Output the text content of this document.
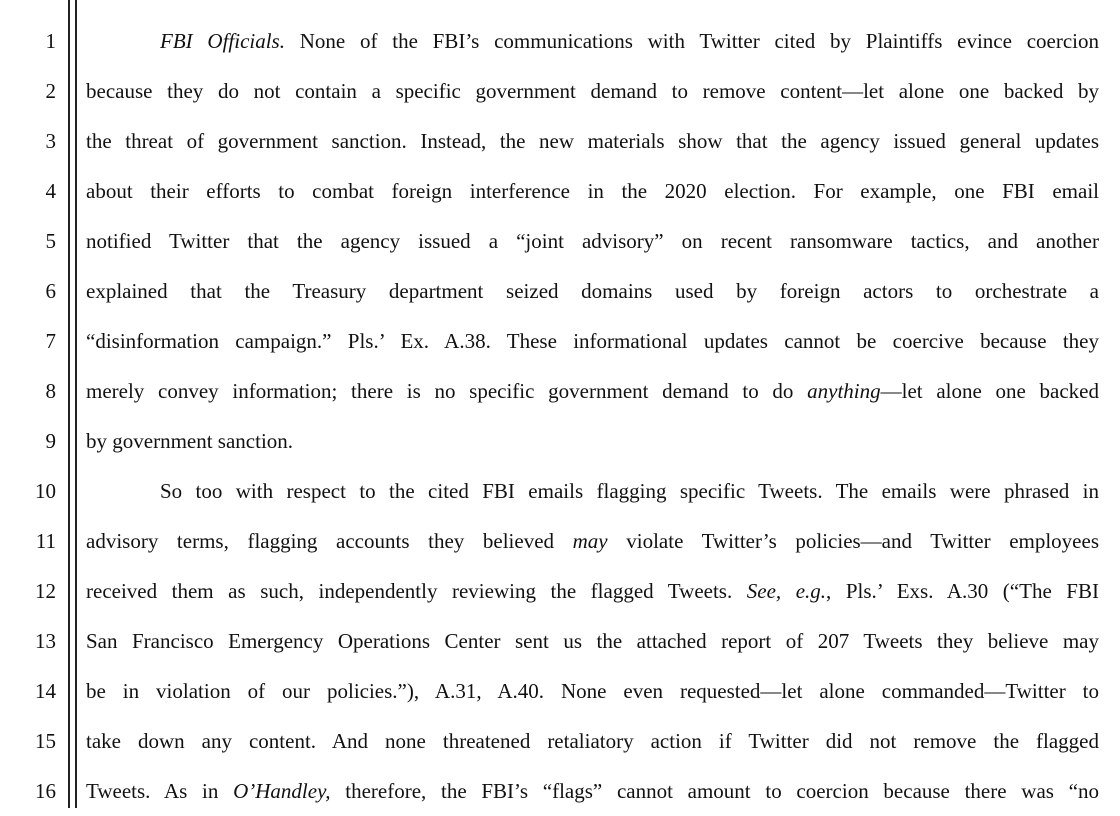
1
2
3
4
5
6
7
8
9
10
11
12
13
14
15
16
FBI Officials. None of the FBI’s communications with Twitter cited by Plaintiffs evince coercion
because they do not contain a specific government demand to remove content—let alone one backed by
the threat of government sanction. Instead, the new materials show that the agency issued general updates
about their efforts to combat foreign interference in the 2020 election. For example, one FBI email
notified Twitter that the agency issued a “joint advisory” on recent ransomware tactics, and another
explained that the Treasury department seized domains used by foreign actors to orchestrate a
“disinformation campaign.” Pls.’ Ex. A.38. These informational updates cannot be coercive because they
merely convey information; there is no specific government demand to do anything—let alone one backed
by government sanction.
So too with respect to the cited FBI emails flagging specific Tweets. The emails were phrased in
advisory terms, flagging accounts they believed may violate Twitter’s policies—and Twitter employees
received them as such, independently reviewing the flagged Tweets. See, e.g., Pls.’ Exs. A.30 (“The FBI
San Francisco Emergency Operations Center sent us the attached report of 207 Tweets they believe may
be in violation of our policies.”), A.31, A.40. None even requested—let alone commanded—Twitter to
take down any content. And none threatened retaliatory action if Twitter did not remove the flagged
Tweets. As in O’Handley, therefore, the FBI’s “flags” cannot amount to coercion because there was “no
